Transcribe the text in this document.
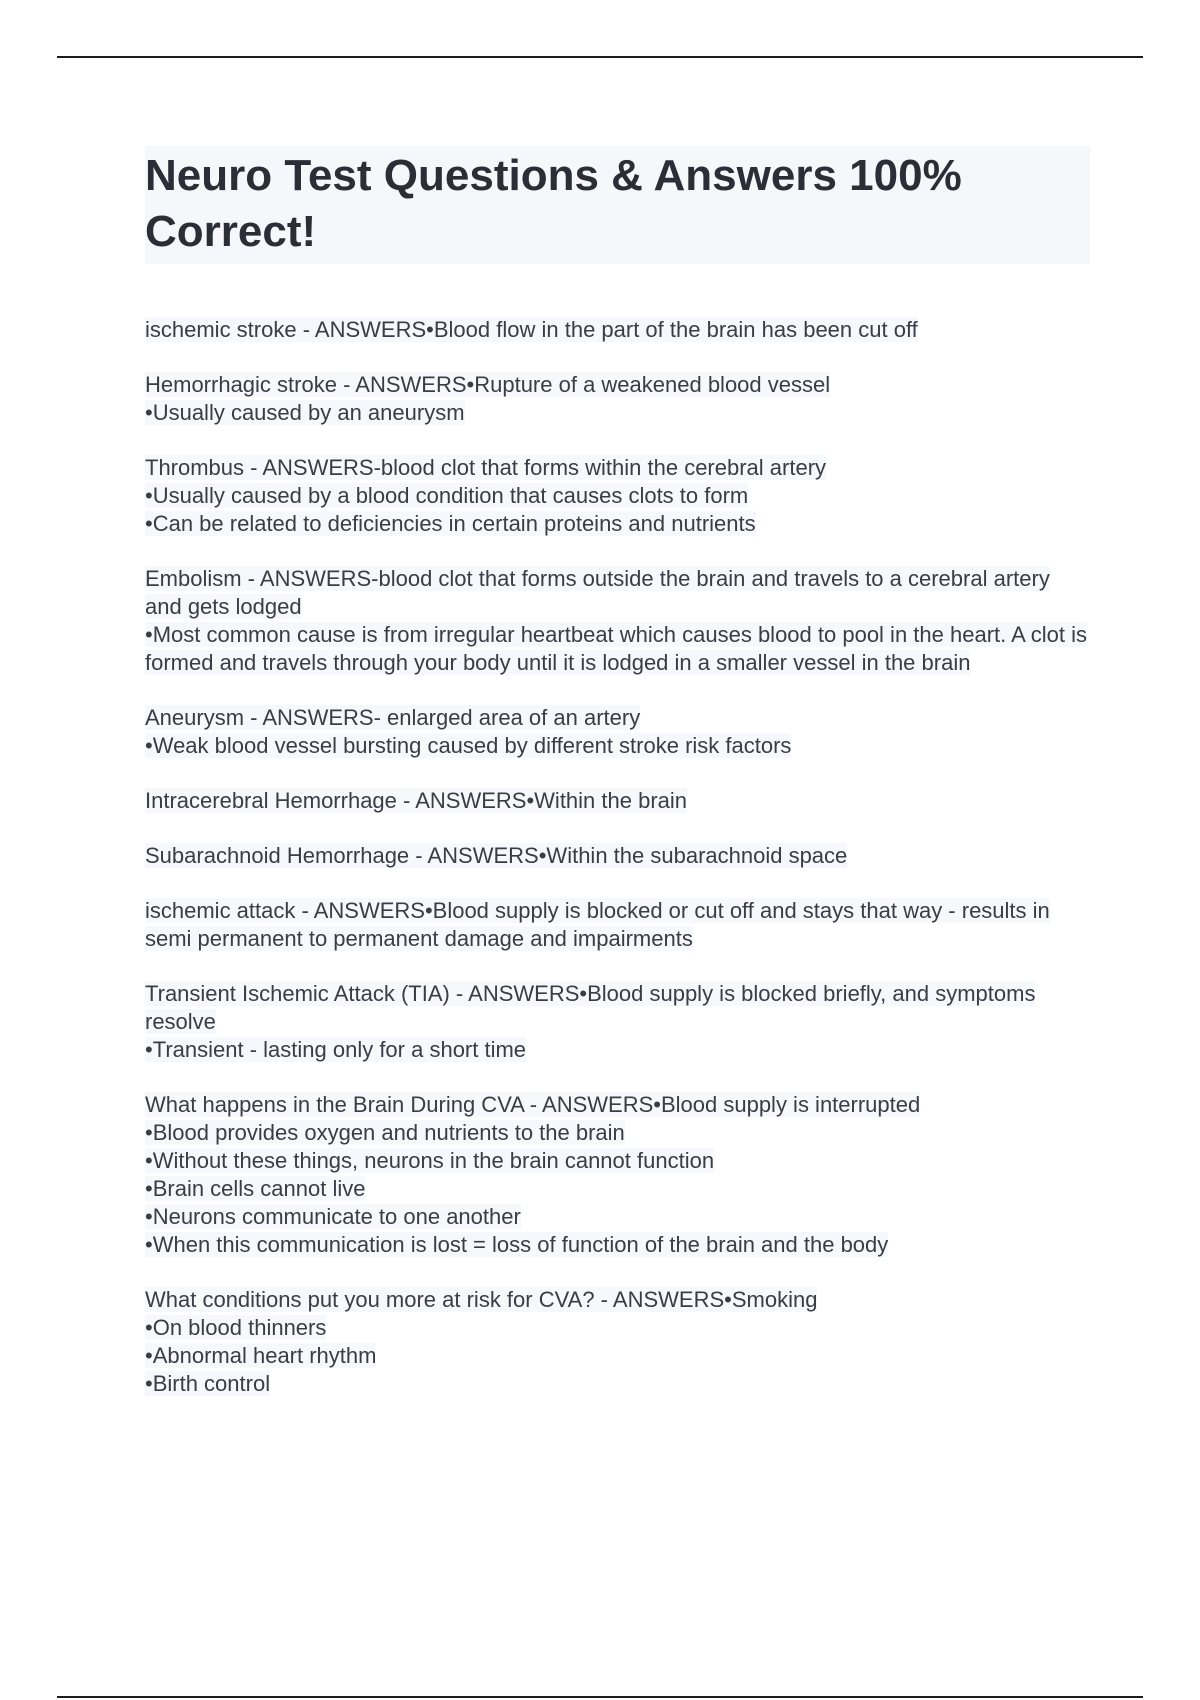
Neuro Test Questions & Answers 100% Correct!
ischemic stroke - ANSWERS•Blood flow in the part of the brain has been cut off
Hemorrhagic stroke - ANSWERS•Rupture of a weakened blood vessel
•Usually caused by an aneurysm
Thrombus - ANSWERS-blood clot that forms within the cerebral artery
•Usually caused by a blood condition that causes clots to form
•Can be related to deficiencies in certain proteins and nutrients
Embolism - ANSWERS-blood clot that forms outside the brain and travels to a cerebral artery and gets lodged
•Most common cause is from irregular heartbeat which causes blood to pool in the heart. A clot is formed and travels through your body until it is lodged in a smaller vessel in the brain
Aneurysm - ANSWERS- enlarged area of an artery
•Weak blood vessel bursting caused by different stroke risk factors
Intracerebral Hemorrhage - ANSWERS•Within the brain
Subarachnoid Hemorrhage - ANSWERS•Within the subarachnoid space
ischemic attack - ANSWERS•Blood supply is blocked or cut off and stays that way - results in semi permanent to permanent damage and impairments
Transient Ischemic Attack (TIA) - ANSWERS•Blood supply is blocked briefly, and symptoms resolve
•Transient - lasting only for a short time
What happens in the Brain During CVA - ANSWERS•Blood supply is interrupted
•Blood provides oxygen and nutrients to the brain
•Without these things, neurons in the brain cannot function
•Brain cells cannot live
•Neurons communicate to one another
•When this communication is lost = loss of function of the brain and the body
What conditions put you more at risk for CVA? - ANSWERS•Smoking
•On blood thinners
•Abnormal heart rhythm
•Birth control
